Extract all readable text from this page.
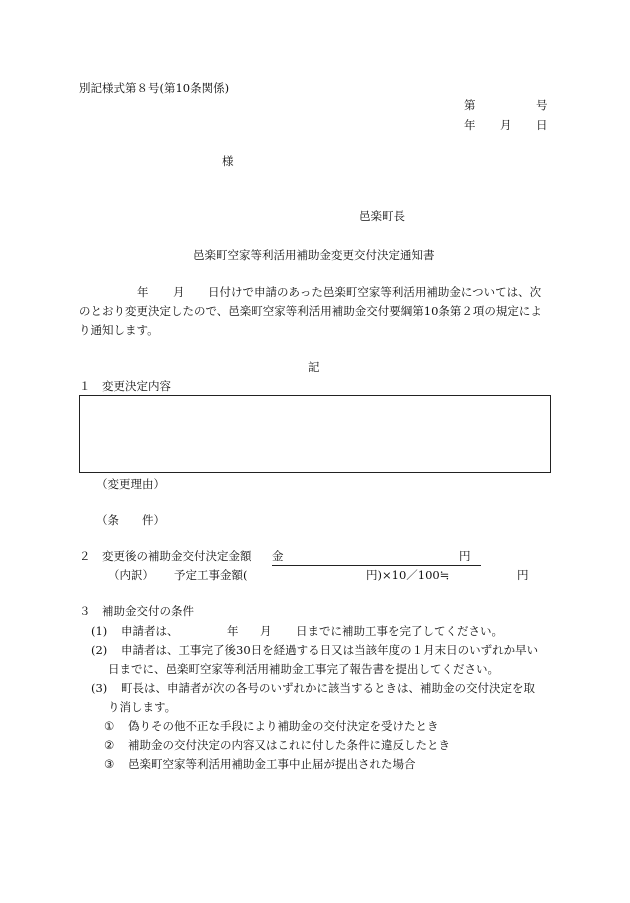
別記様式第８号(第10条関係)
第	号
年 月 日
様
邑楽町長
邑楽町空家等利活用補助金変更交付決定通知書
年 月 日付けで申請のあった邑楽町空家等利活用補助金については、次
のとおり変更決定したので、邑楽町空家等利活用補助金交付要綱第10条第２項の規定によ
り通知します。
記
１　変更決定内容
（変更理由）
（条　　件）
２　変更後の補助金交付決定金額 金	円
（内訳） 予定工事金額(	円)×10／100≒	円
３　補助金交付の条件
(1) 申請者は、	年 月 日までに補助工事を完了してください。
(2) 申請者は、工事完了後30日を経過する日又は当該年度の１月末日のいずれか早い
日までに、邑楽町空家等利活用補助金工事完了報告書を提出してください。
(3) 町長は、申請者が次の各号のいずれかに該当するときは、補助金の交付決定を取
り消します。
① 偽りその他不正な手段により補助金の交付決定を受けたとき
② 補助金の交付決定の内容又はこれに付した条件に違反したとき
③ 邑楽町空家等利活用補助金工事中止届が提出された場合
